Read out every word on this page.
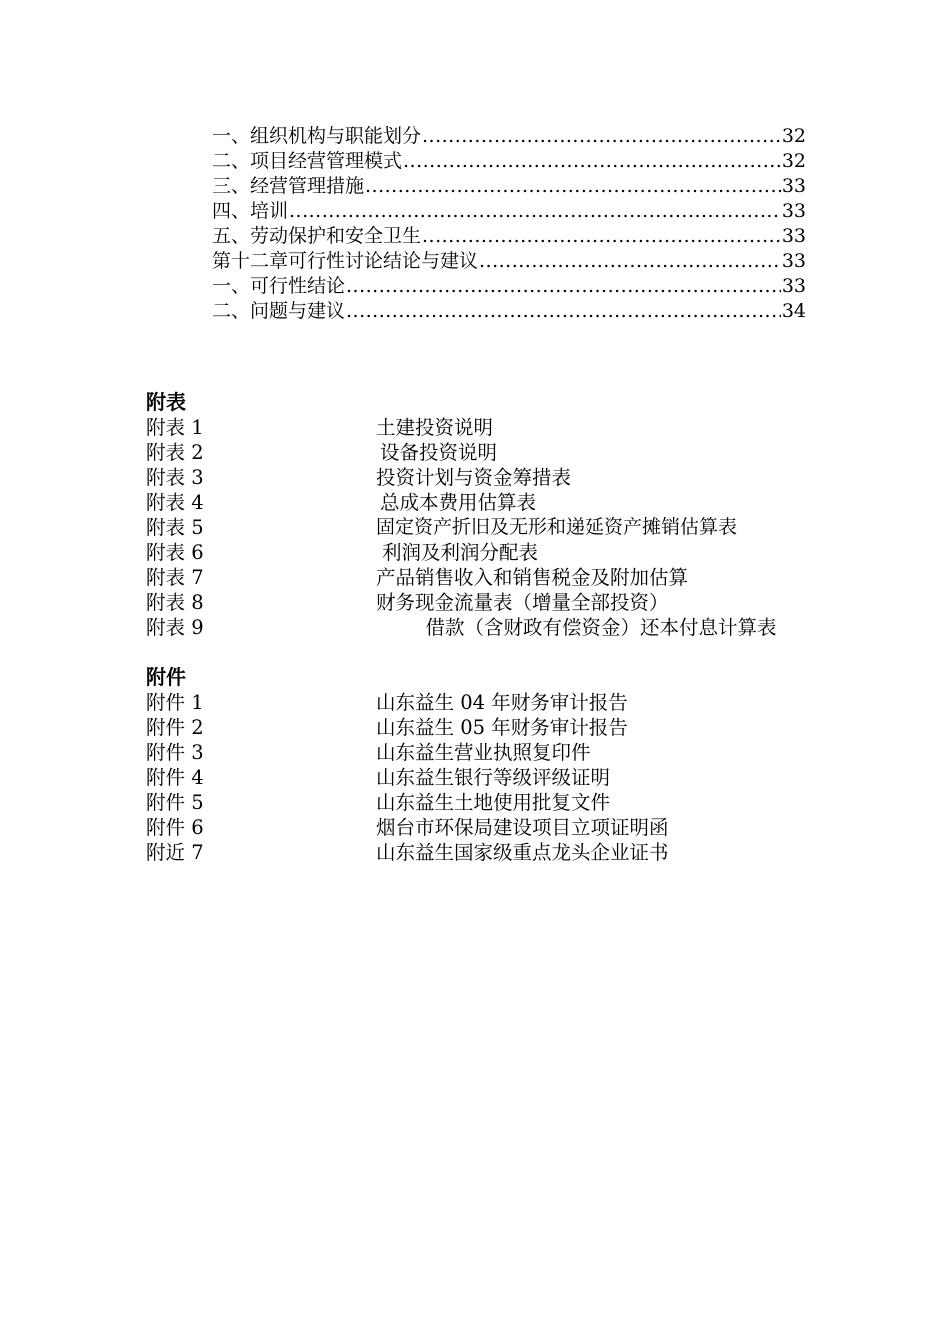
一、组织机构与职能划分 .....	32
二、项目经营管理模式 .....	32
三、经营管理措施 .....	33
四、培训 .....	33
五、劳动保护和安全卫生 .....	33
第十二章可行性讨论结论与建议 .....	33
一、可行性结论 .....	33
二、问题与建议 .....	34
附表
附表 1	土建投资说明
附表 2	设备投资说明
附表 3	投资计划与资金筹措表
附表 4	总成本费用估算表
附表 5	固定资产折旧及无形和递延资产摊销估算表
附表 6	利润及利润分配表
附表 7	产品销售收入和销售税金及附加估算
附表 8	财务现金流量表（增量全部投资）
附表 9	借款（含财政有偿资金）还本付息计算表
附件
附件 1	山东益生 04 年财务审计报告
附件 2	山东益生 05 年财务审计报告
附件 3	山东益生营业执照复印件
附件 4	山东益生银行等级评级证明
附件 5	山东益生土地使用批复文件
附件 6	烟台市环保局建设项目立项证明函
附近 7	山东益生国家级重点龙头企业证书
